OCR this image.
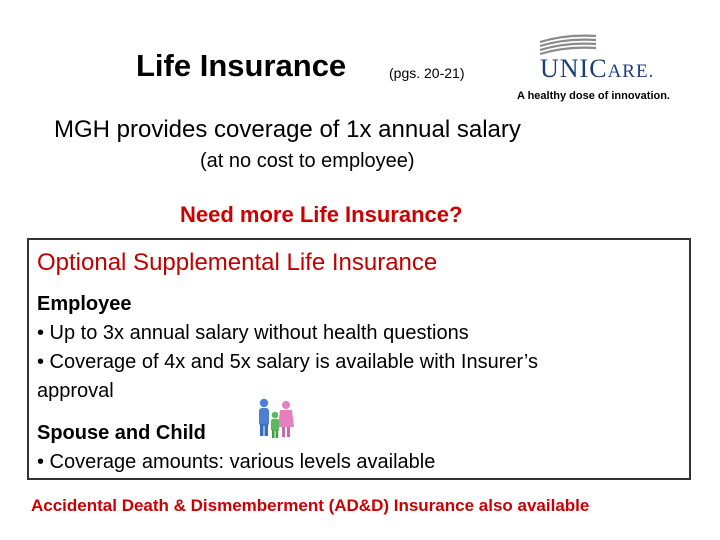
Life Insurance	(pgs. 20-21)	UNICARE.
A healthy dose of innovation.
MGH provides coverage of 1x annual salary
(at no cost to employee)
Need more Life Insurance?
Optional Supplemental Life Insurance
Employee
• Up to 3x annual salary without health questions
• Coverage of 4x and 5x salary is available with Insurer’s
approval
Spouse and Child
• Coverage amounts: various levels available
Accidental Death & Dismemberment (AD&D) Insurance also available
